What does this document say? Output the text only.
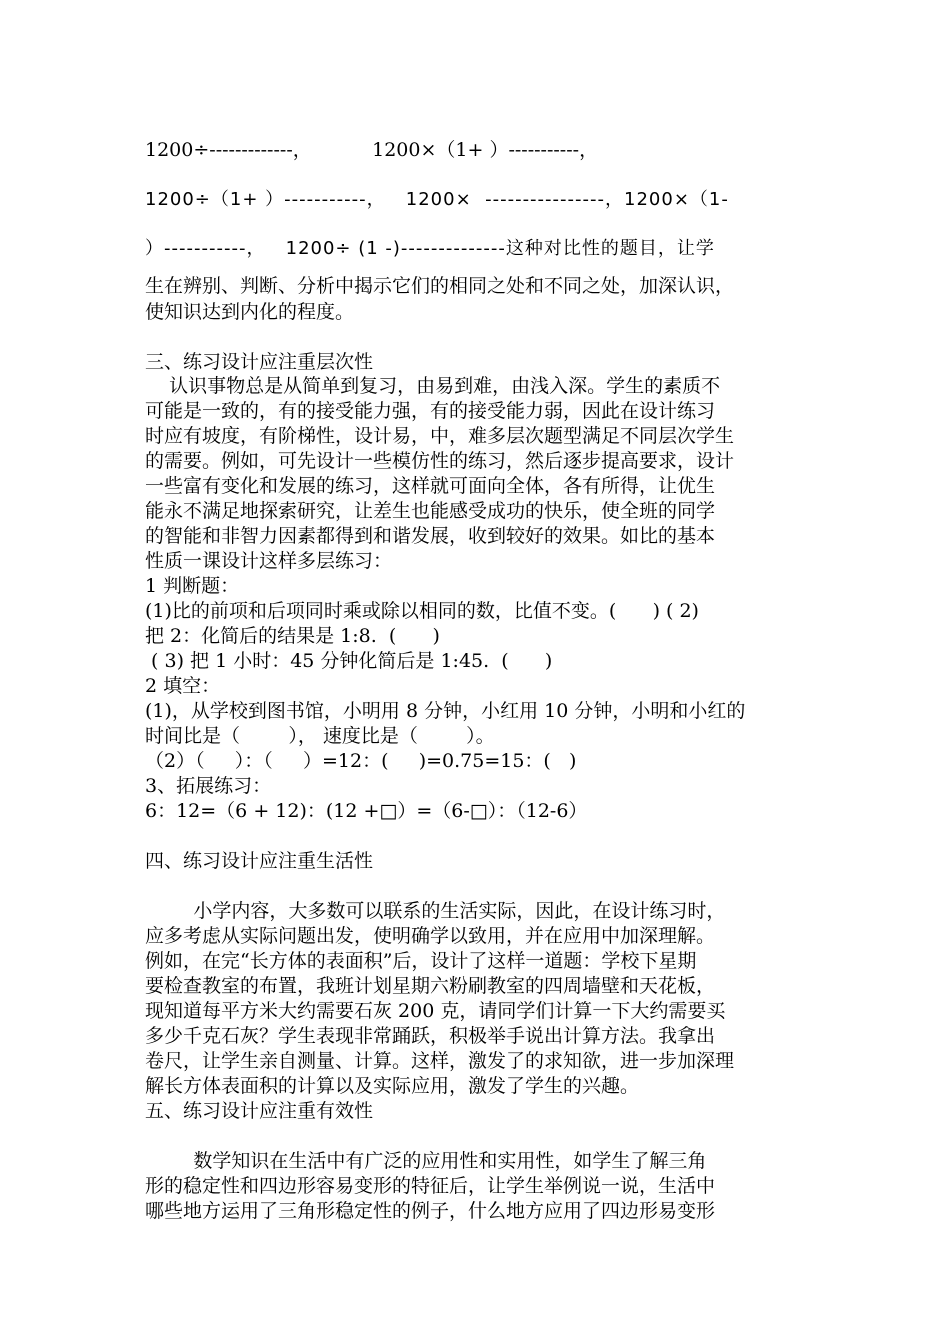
1200÷-------------，          1200×（1+ ）-----------，
1200÷（1+ ）-----------，   1200×  ----------------，1200×（1-
）-----------，   1200÷ (1 -)--------------这种对比性的题目，让学
生在辨别、判断、分析中揭示它们的相同之处和不同之处，加深认识，
使知识达到内化的程度。
三、练习设计应注重层次性
认识事物总是从简单到复习，由易到难，由浅入深。学生的素质不
可能是一致的，有的接受能力强，有的接受能力弱，因此在设计练习
时应有坡度，有阶梯性，设计易，中，难多层次题型满足不同层次学生
的需要。例如，可先设计一些模仿性的练习，然后逐步提高要求，设计
一些富有变化和发展的练习，这样就可面向全体，各有所得，让优生
能永不满足地探索研究，让差生也能感受成功的快乐，使全班的同学
的智能和非智力因素都得到和谐发展，收到较好的效果。如比的基本
性质一课设计这样多层练习：
1 判断题：
(1)比的前项和后项同时乘或除以相同的数，比值不变。(      ) ( 2)
把 2：化简后的结果是 1:8.  (      )
( 3) 把 1 小时：45 分钟化简后是 1:45.  (      )
2 填空：
(1)，从学校到图书馆，小明用 8 分钟，小红用 10 分钟，小明和小红的
时间比是（        ）， 速度比是（        ）。
（2）（     ）：（     ）=12：(     )=0.75=15：(   )
3、拓展练习：
6：12=（6 + 12)：(12 +□）=（6-□）：（12-6）
四、练习设计应注重生活性
小学内容，大多数可以联系的生活实际，因此，在设计练习时，
应多考虑从实际问题出发，使明确学以致用，并在应用中加深理解。
例如，在完“长方体的表面积”后，设计了这样一道题：学校下星期
要检查教室的布置，我班计划星期六粉刷教室的四周墙壁和天花板，
现知道每平方米大约需要石灰 200 克，请同学们计算一下大约需要买
多少千克石灰？学生表现非常踊跃，积极举手说出计算方法。我拿出
卷尺，让学生亲自测量、计算。这样，激发了的求知欲，进一步加深理
解长方体表面积的计算以及实际应用，激发了学生的兴趣。
五、练习设计应注重有效性
数学知识在生活中有广泛的应用性和实用性，如学生了解三角
形的稳定性和四边形容易变形的特征后，让学生举例说一说，生活中
哪些地方运用了三角形稳定性的例子，什么地方应用了四边形易变形
